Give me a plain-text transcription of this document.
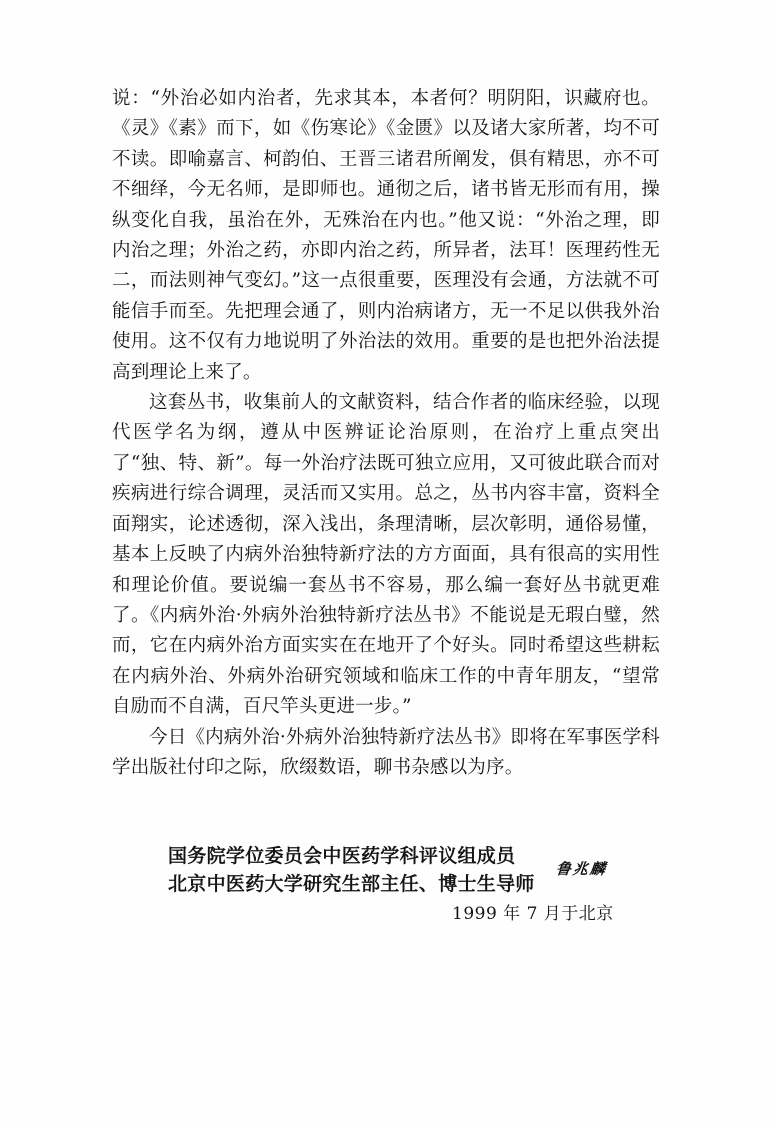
说：“外治必如内治者，先求其本，本者何？明阴阳，识藏府也。《灵》《素》而下，如《伤寒论》《金匮》以及诸大家所著，均不可不读。即喻嘉言、柯韵伯、王晋三诸君所阐发，俱有精思，亦不可不细绎，今无名师，是即师也。通彻之后，诸书皆无形而有用，操纵变化自我，虽治在外，无殊治在内也。”他又说：“外治之理，即内治之理；外治之药，亦即内治之药，所异者，法耳！医理药性无二，而法则神气变幻。”这一点很重要，医理没有会通，方法就不可能信手而至。先把理会通了，则内治病诸方，无一不足以供我外治使用。这不仅有力地说明了外治法的效用。重要的是也把外治法提高到理论上来了。

这套丛书，收集前人的文献资料，结合作者的临床经验，以现代医学名为纲，遵从中医辨证论治原则，在治疗上重点突出了“独、特、新”。每一外治疗法既可独立应用，又可彼此联合而对疾病进行综合调理，灵活而又实用。总之，丛书内容丰富，资料全面翔实，论述透彻，深入浅出，条理清晰，层次彰明，通俗易懂，基本上反映了内病外治独特新疗法的方方面面，具有很高的实用性和理论价值。要说编一套丛书不容易，那么编一套好丛书就更难了。《内病外治·外病外治独特新疗法丛书》不能说是无瑕白璧，然而，它在内病外治方面实实在在地开了个好头。同时希望这些耕耘在内病外治、外病外治研究领域和临床工作的中青年朋友，“望常自励而不自满，百尺竿头更进一步。”

今日《内病外治·外病外治独特新疗法丛书》即将在军事医学科学出版社付印之际，欣缀数语，聊书杂感以为序。

国务院学位委员会中医药学科评议组成员
北京中医药大学研究生部主任、博士生导师
鲁兆麟
1999 年 7 月于北京
